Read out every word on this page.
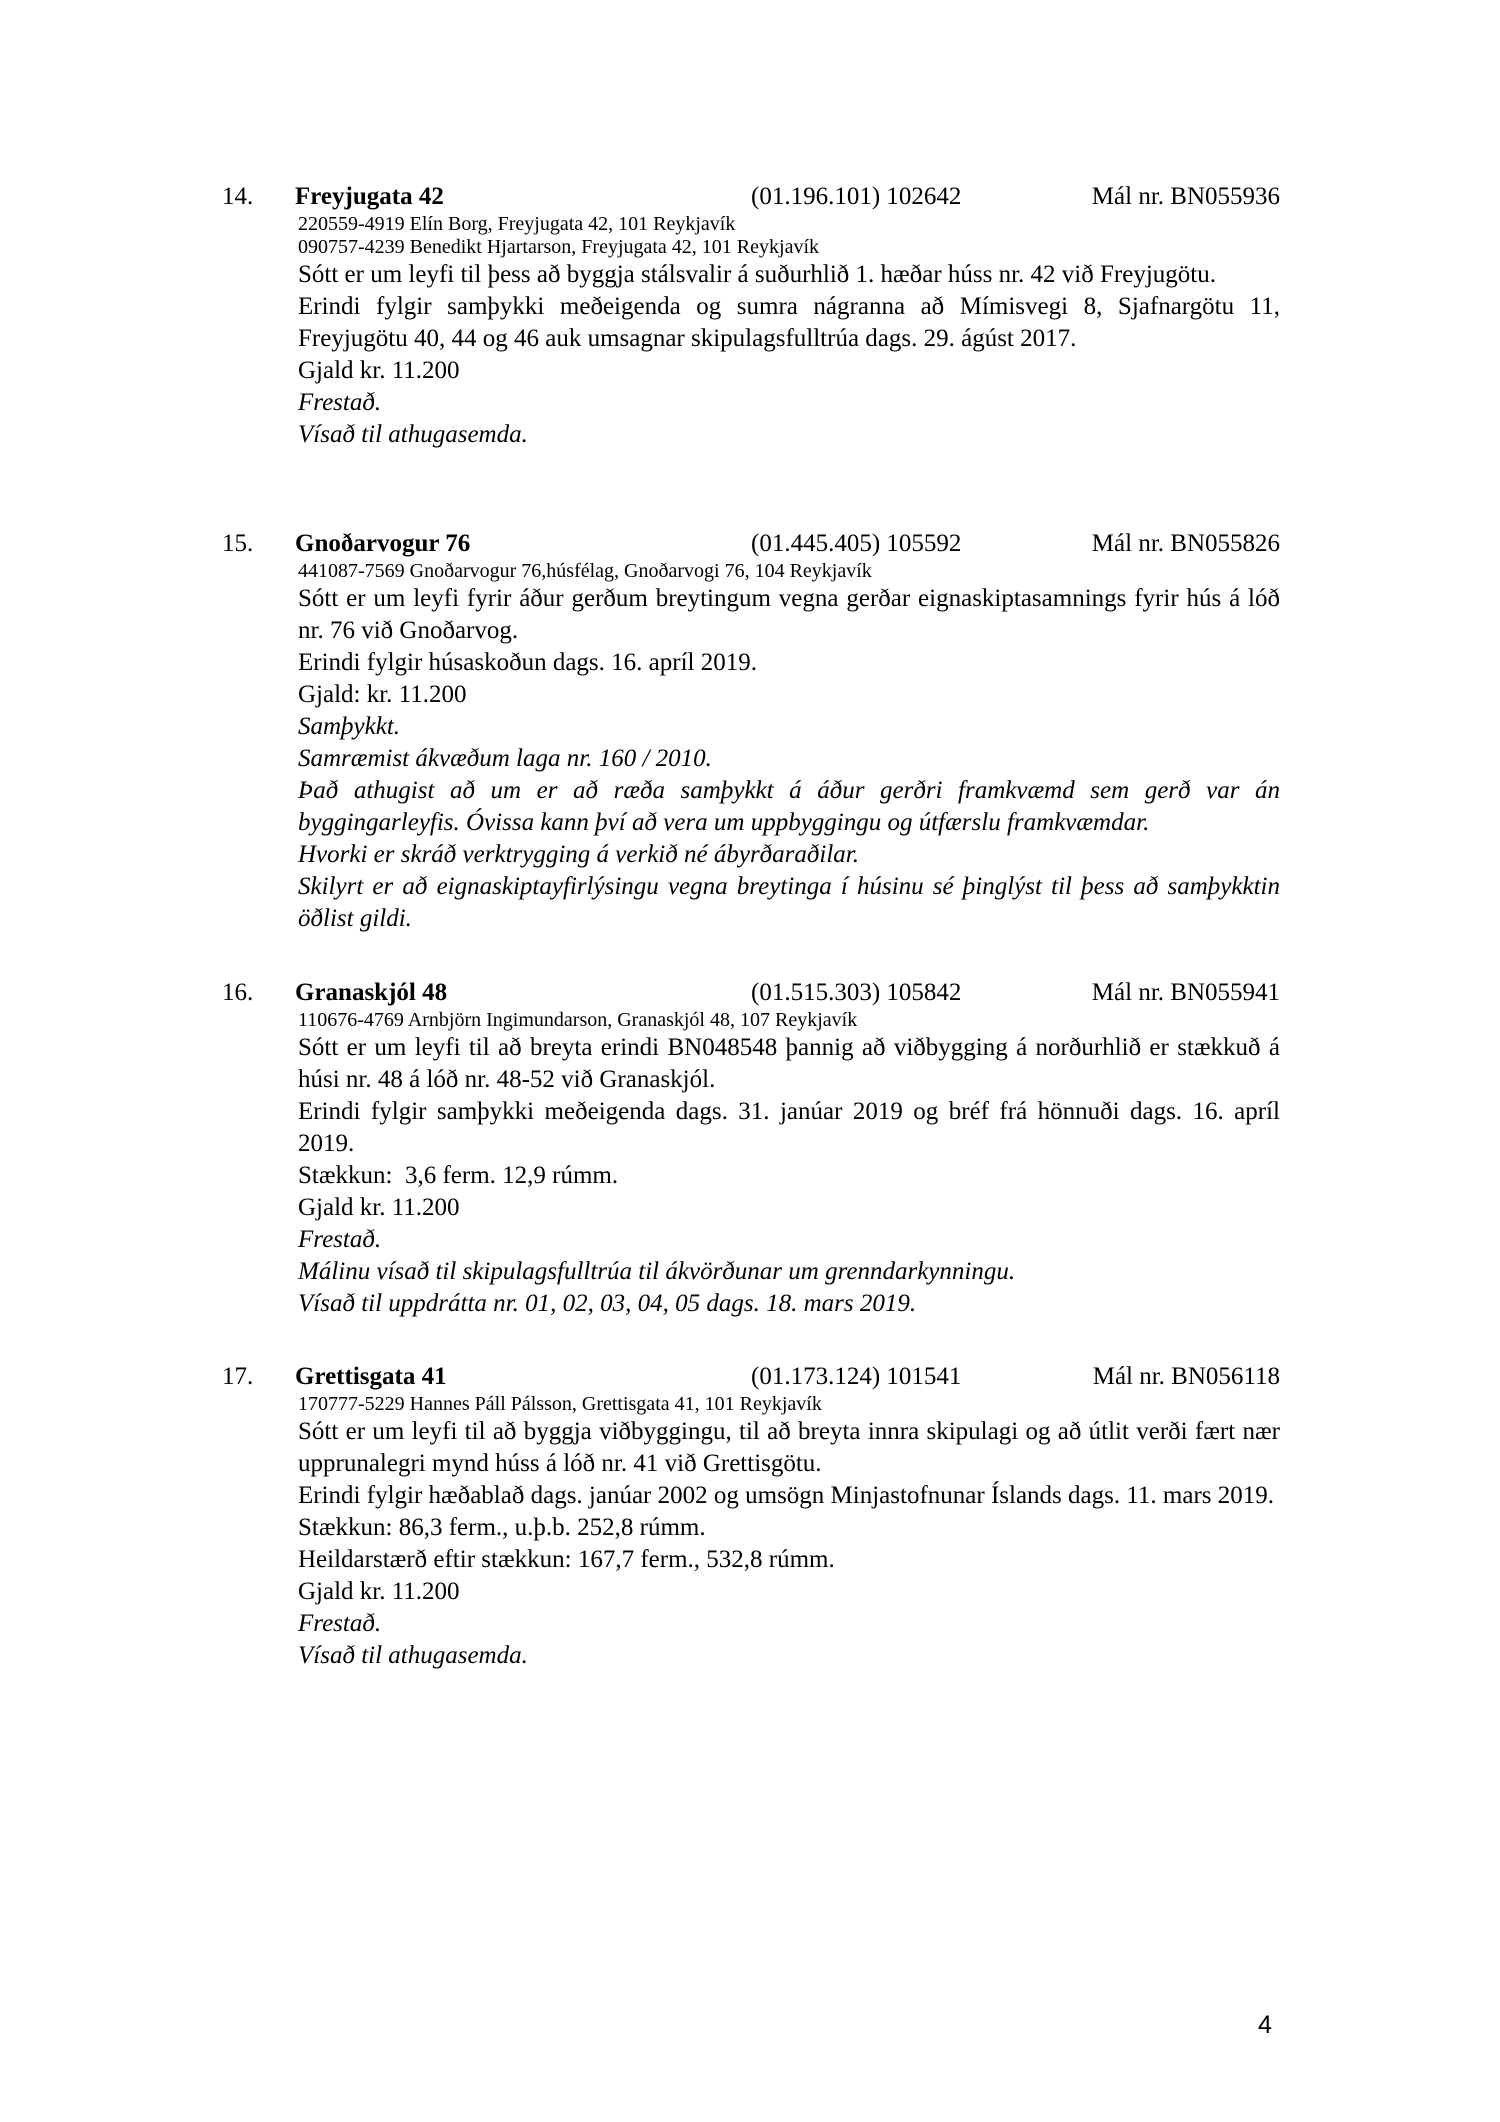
14. Freyjugata 42	(01.196.101) 102642	Mál nr. BN055936

220559-4919 Elín Borg, Freyjugata 42, 101 Reykjavík

090757-4239 Benedikt Hjartarson, Freyjugata 42, 101 Reykjavík

Sótt er um leyfi til þess að byggja stálsvalir á suðurhlið 1. hæðar húss nr. 42 við Freyjugötu.

Erindi fylgir samþykki meðeigenda og sumra nágranna að Mímisvegi 8, Sjafnargötu 11, Freyjugötu 40, 44 og 46 auk umsagnar skipulagsfulltrúa dags. 29. ágúst 2017.

Gjald kr. 11.200

Frestað.

Vísað til athugasemda.

15. Gnoðarvogur 76	(01.445.405) 105592	Mál nr. BN055826

441087-7569 Gnoðarvogur 76,húsfélag, Gnoðarvogi 76, 104 Reykjavík

Sótt er um leyfi fyrir áður gerðum breytingum vegna gerðar eignaskiptasamnings fyrir hús á lóð nr. 76 við Gnoðarvog.

Erindi fylgir húsaskoðun dags. 16. apríl 2019.

Gjald: kr. 11.200

Samþykkt.

Samræmist ákvæðum laga nr. 160 / 2010.

Það athugist að um er að ræða samþykkt á áður gerðri framkvæmd sem gerð var án byggingarleyfis. Óvissa kann því að vera um uppbyggingu og útfærslu framkvæmdar.

Hvorki er skráð verktrygging á verkið né ábyrðaraðilar.

Skilyrt er að eignaskiptayfirlýsingu vegna breytinga í húsinu sé þinglýst til þess að samþykktin öðlist gildi.

16. Granaskjól 48	(01.515.303) 105842	Mál nr. BN055941

110676-4769 Arnbjörn Ingimundarson, Granaskjól 48, 107 Reykjavík

Sótt er um leyfi til að breyta erindi BN048548 þannig að viðbygging á norðurhlið er stækkuð á húsi nr. 48 á lóð nr. 48-52 við Granaskjól.

Erindi fylgir samþykki meðeigenda dags. 31. janúar 2019 og bréf frá hönnuði dags. 16. apríl 2019.

Stækkun:  3,6 ferm. 12,9 rúmm.

Gjald kr. 11.200

Frestað.

Málinu vísað til skipulagsfulltrúa til ákvörðunar um grenndarkynningu.

Vísað til uppdrátta nr. 01, 02, 03, 04, 05 dags. 18. mars 2019.

17. Grettisgata 41	(01.173.124) 101541	Mál nr. BN056118

170777-5229 Hannes Páll Pálsson, Grettisgata 41, 101 Reykjavík

Sótt er um leyfi til að byggja viðbyggingu, til að breyta innra skipulagi og að útlit verði fært nær upprunalegri mynd húss á lóð nr. 41 við Grettisgötu.

Erindi fylgir hæðablað dags. janúar 2002 og umsögn Minjastofnunar Íslands dags. 11. mars 2019.

Stækkun: 86,3 ferm., u.þ.b. 252,8 rúmm.

Heildarstærð eftir stækkun: 167,7 ferm., 532,8 rúmm.

Gjald kr. 11.200

Frestað.

Vísað til athugasemda.

4
